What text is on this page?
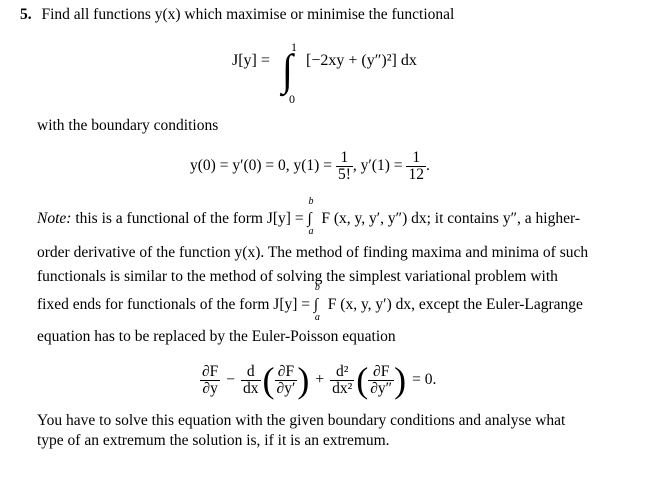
5. Find all functions y(x) which maximise or minimise the functional
J[y] =
1
∫
0
[−2xy + (y″)²] dx
with the boundary conditions
y(0) = y′(0) = 0, $y(1) = \frac{1}{5!}$ , $y'(1) = \frac{1}{12}$ .
Note: this is a functional of the form J[y] =
b
∫
a
F (x, y, y′, y″) dx; it contains y″, a higher-
order derivative of the function y(x). The method of finding maxima and minima of such
functionals is similar to the method of solving the simplest variational problem with
fixed ends for functionals of the form J[y] =
b
∫
a
F (x, y, y′) dx, except the Euler-Lagrange
equation has to be replaced by the Euler-Poisson equation
$\frac{\partial F}{\partial y} - \frac{d}{dx}$ ( $\frac{\partial F}{\partial y'}$ ) + $\frac{\text{d²}}{\text{dx²}}$ ( $\frac{\partial F}{\partial y''}$ ) = 0.
You have to solve this equation with the given boundary conditions and analyse what
type of an extremum the solution is, if it is an extremum.
